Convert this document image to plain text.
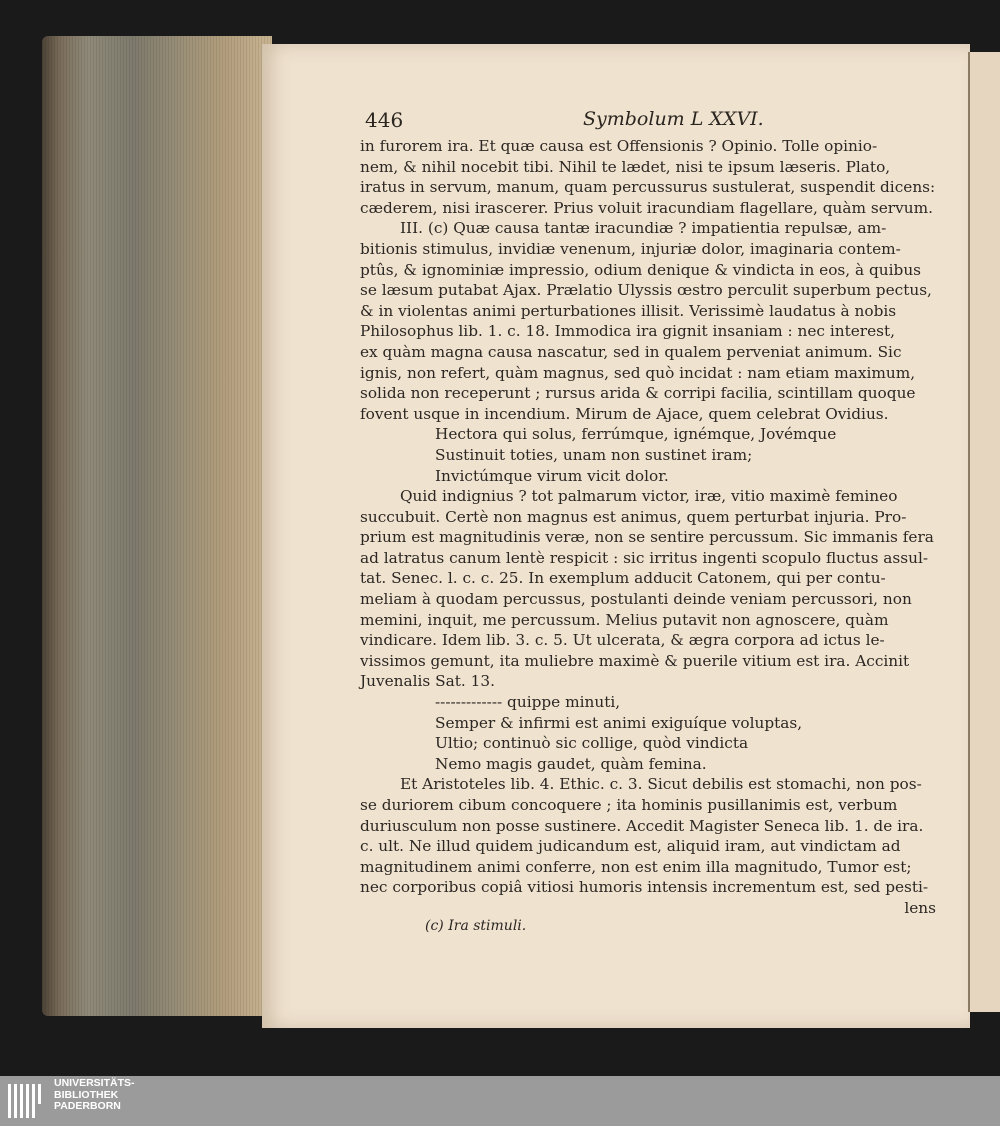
446	Symbolum L XXVI.
in furorem ira. Et quæ causa est Offensionis ? Opinio. Tolle opinio-
nem, & nihil nocebit tibi. Nihil te lædet, nisi te ipsum læseris. Plato,
iratus in servum, manum, quam percussurus sustulerat, suspendit dicens:
cæderem, nisi irascerer. Prius voluit iracundiam flagellare, quàm servum.
III. (c) Quæ causa tantæ iracundiæ ? impatientia repulsæ, am-
bitionis stimulus, invidiæ venenum, injuriæ dolor, imaginaria contem-
ptûs, & ignominiæ impressio, odium denique & vindicta in eos, à quibus
se læsum putabat Ajax. Prælatio Ulyssis œstro perculit superbum pectus,
& in violentas animi perturbationes illisit. Verissimè laudatus à nobis
Philosophus lib. 1. c. 18. Immodica ira gignit insaniam : nec interest,
ex quàm magna causa nascatur, sed in qualem perveniat animum. Sic
ignis, non refert, quàm magnus, sed quò incidat : nam etiam maximum,
solida non receperunt ; rursus arida & corripi facilia, scintillam quoque
fovent usque in incendium. Mirum de Ajace, quem celebrat Ovidius.
Hectora qui solus, ferrúmque, ignémque, Jovémque
Sustinuit toties, unam non sustinet iram;
Invictúmque virum vicit dolor.
Quid indignius ? tot palmarum victor, iræ, vitio maximè femineo
succubuit. Certè non magnus est animus, quem perturbat injuria. Pro-
prium est magnitudinis veræ, non se sentire percussum. Sic immanis fera
ad latratus canum lentè respicit : sic irritus ingenti scopulo fluctus assul-
tat. Senec. l. c. c. 25. In exemplum adducit Catonem, qui per contu-
meliam à quodam percussus, postulanti deinde veniam percussori, non
memini, inquit, me percussum. Melius putavit non agnoscere, quàm
vindicare. Idem lib. 3. c. 5. Ut ulcerata, & ægra corpora ad ictus le-
vissimos gemunt, ita muliebre maximè & puerile vitium est ira. Accinit
Juvenalis Sat. 13.
------------- quippe minuti,
Semper & infirmi est animi exiguíque voluptas,
Ultio; continuò sic collige, quòd vindicta
Nemo magis gaudet, quàm femina.
Et Aristoteles lib. 4. Ethic. c. 3. Sicut debilis est stomachi, non pos-
se duriorem cibum concoquere ; ita hominis pusillanimis est, verbum
duriusculum non posse sustinere. Accedit Magister Seneca lib. 1. de ira.
c. ult. Ne illud quidem judicandum est, aliquid iram, aut vindictam ad
magnitudinem animi conferre, non est enim illa magnitudo, Tumor est;
nec corporibus copiâ vitiosi humoris intensis incrementum est, sed pesti-
lens
(c) Ira stimuli.
UNIVERSITÄTS-
BIBLIOTHEK
PADERBORN
